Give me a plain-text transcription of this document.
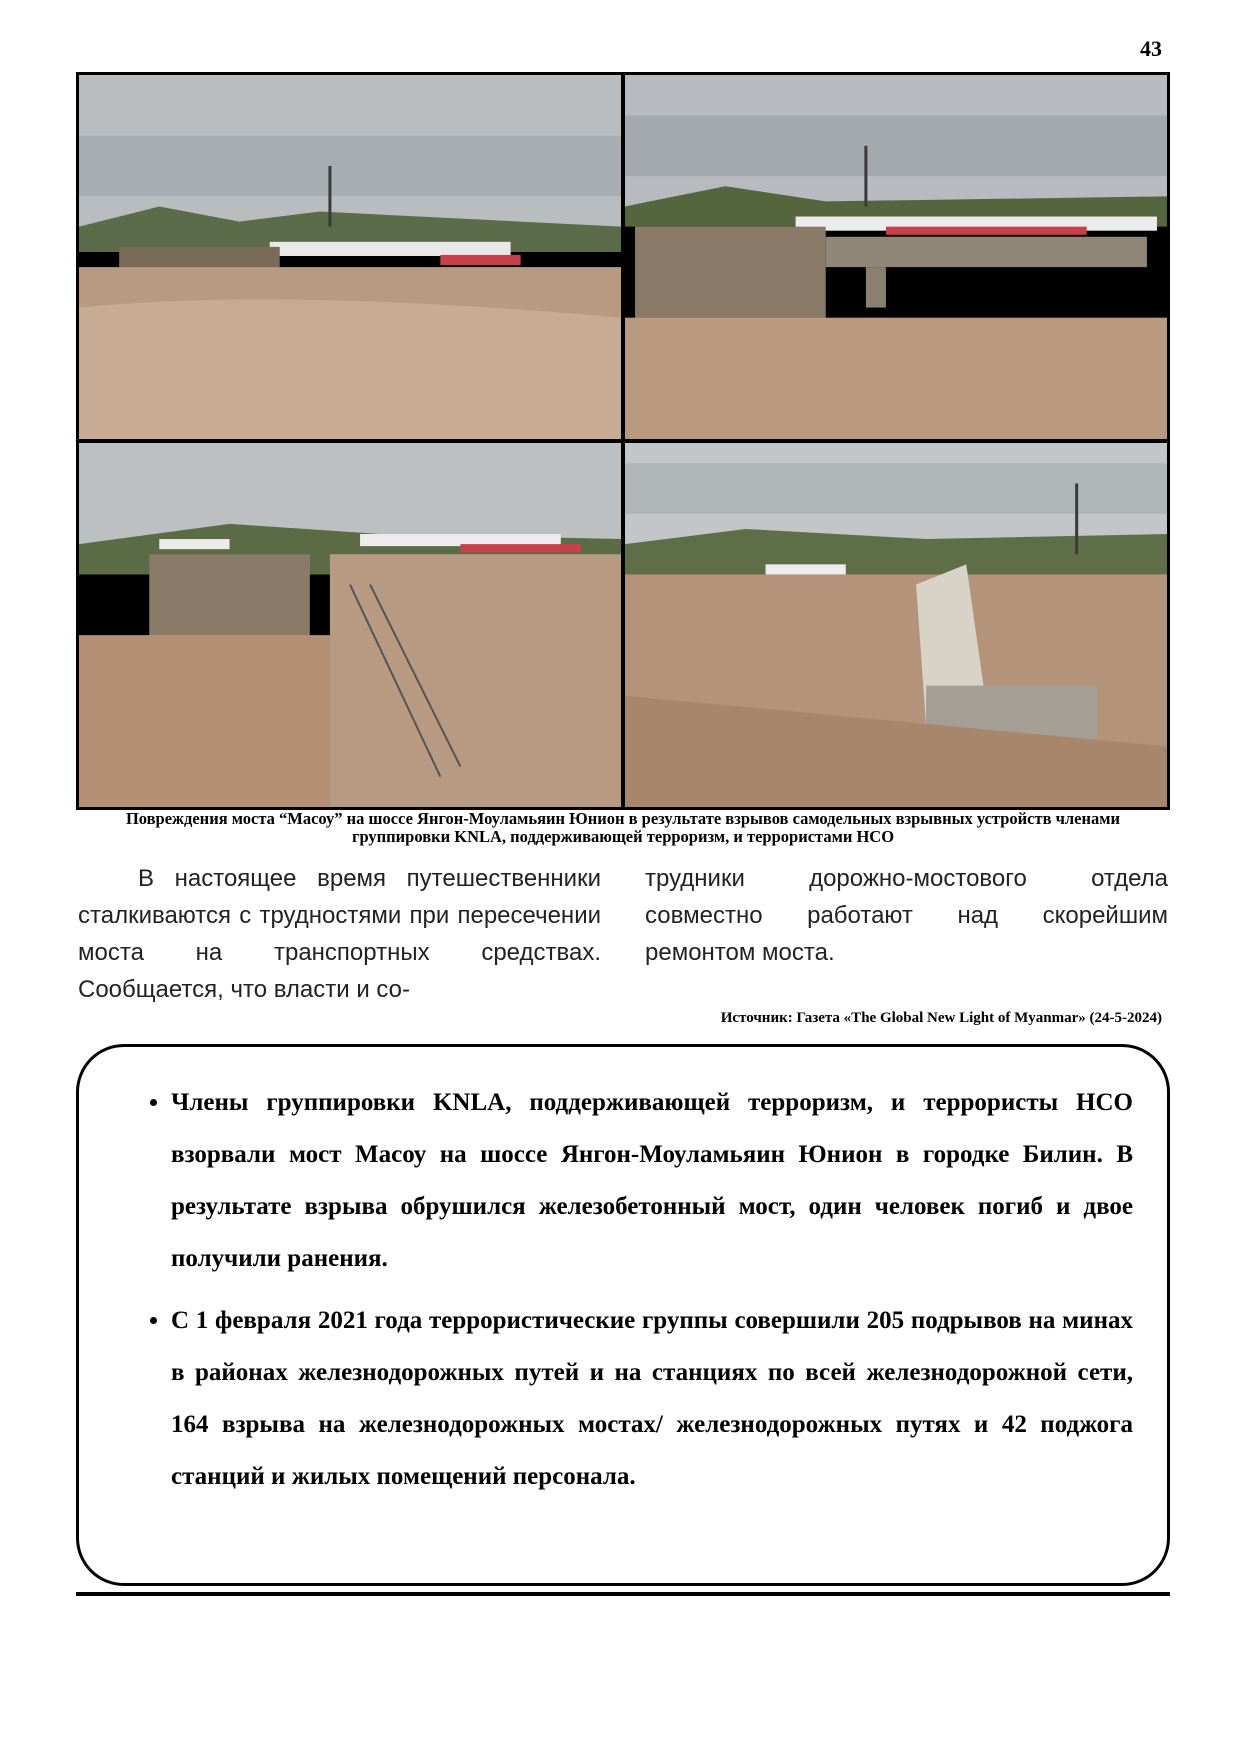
43
Повреждения моста “Масоу” на шоссе Янгон-Моуламьяин Юнион в результате взрывов самодельных взрывных устройств членами группировки KNLA, поддерживающей терроризм, и террористами НСО

В настоящее время путешественники сталкиваются с трудностями при пересечении моста на транспортных средствах. Сообщается, что власти и со-

трудники дорожно-мостового отдела совместно работают над скорейшим ремонтом моста.

Источник: Газета «The Global New Light of Myanmar» (24-5-2024)
• Члены группировки KNLA, поддерживающей терроризм, и террористы НСО взорвали мост Масоу на шоссе Янгон-Моуламьяин Юнион в городке Билин. В результате взрыва обрушился железобетонный мост, один человек погиб и двое получили ранения.
• С 1 февраля 2021 года террористические группы совершили 205 подрывов на минах в районах железнодорожных путей и на станциях по всей железнодорожной сети, 164 взрыва на железнодорожных мостах/ железнодорожных путях и 42 поджога станций и жилых помещений персонала.
